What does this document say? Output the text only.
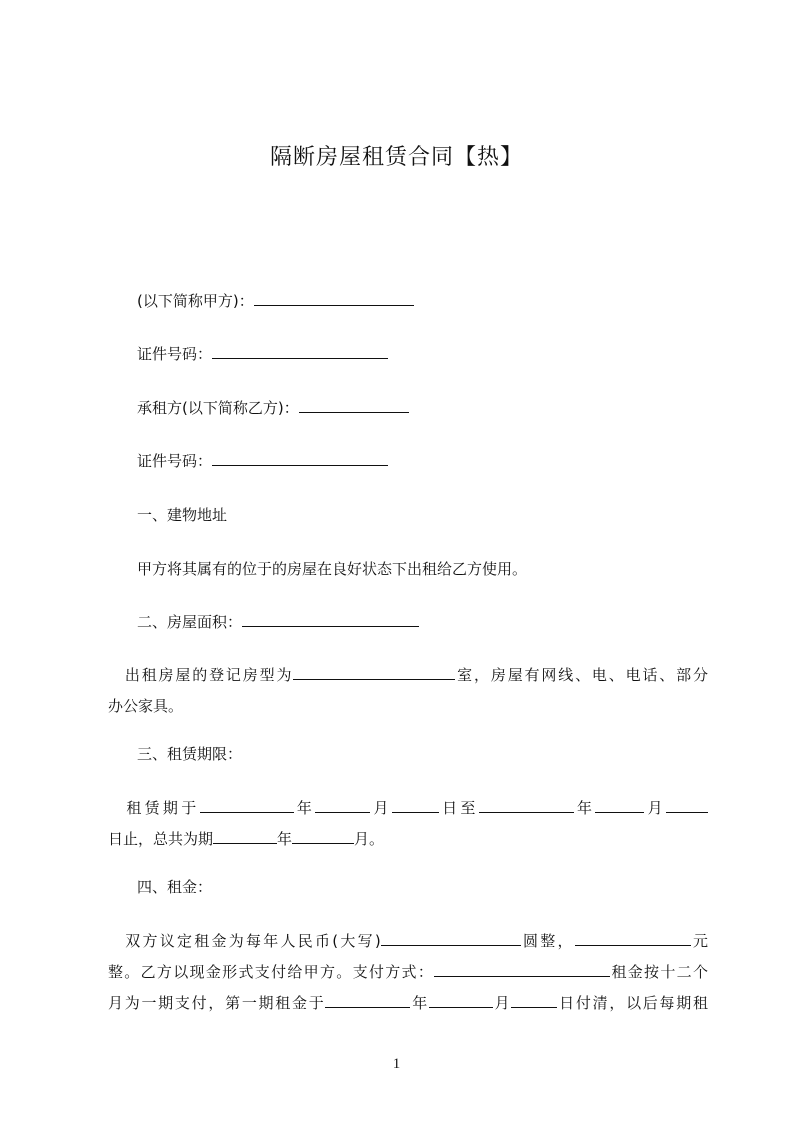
隔断房屋租赁合同【热】
(以下简称甲方)：
证件号码：
承租方(以下简称乙方)：
证件号码：
一、建物地址
甲方将其属有的位于的房屋在良好状态下出租给乙方使用。
二、房屋面积：
　出租房屋的登记房型为	室，房屋有网线、电、电话、部分
办公家具。
三、租赁期限：
　租赁期于	年	月	日至	年	月
日止，总共为期	年	月。
四、租金：
　双方议定租金为每年人民币(大写)	圆整，	元
整。乙方以现金形式支付给甲方。支付方式：	租金按十二个
月为一期支付，第一期租金于	年	月	日付清，以后每期租
1
